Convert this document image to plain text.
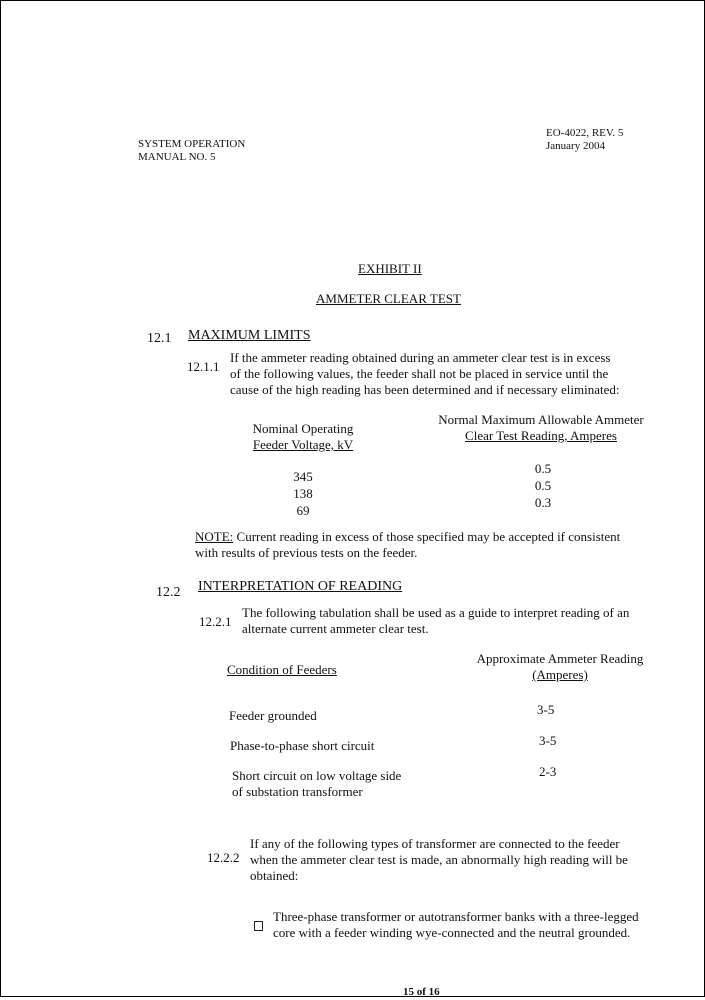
SYSTEM OPERATION
MANUAL NO. 5
EO-4022, REV. 5
January 2004
EXHIBIT II
AMMETER CLEAR TEST
12.1 MAXIMUM LIMITS
12.1.1
If the ammeter reading obtained during an ammeter clear test is in excess
of the following values, the feeder shall not be placed in service until the
cause of the high reading has been determined and if necessary eliminated:
Nominal Operating
Feeder Voltage, kV
Normal Maximum Allowable Ammeter
Clear Test Reading, Amperes
345
138
69
0.5
0.5
0.3
NOTE: Current reading in excess of those specified may be accepted if consistent
with results of previous tests on the feeder.
12.2 INTERPRETATION OF READING
12.2.1
The following tabulation shall be used as a guide to interpret reading of an
alternate current ammeter clear test.
Condition of Feeders
Approximate Ammeter Reading
(Amperes)
Feeder grounded	3-5
Phase-to-phase short circuit	3-5
Short circuit on low voltage side
of substation transformer
2-3
12.2.2
If any of the following types of transformer are connected to the feeder
when the ammeter clear test is made, an abnormally high reading will be
obtained:
Three-phase transformer or autotransformer banks with a three-legged
core with a feeder winding wye-connected and the neutral grounded.
15 of 16
